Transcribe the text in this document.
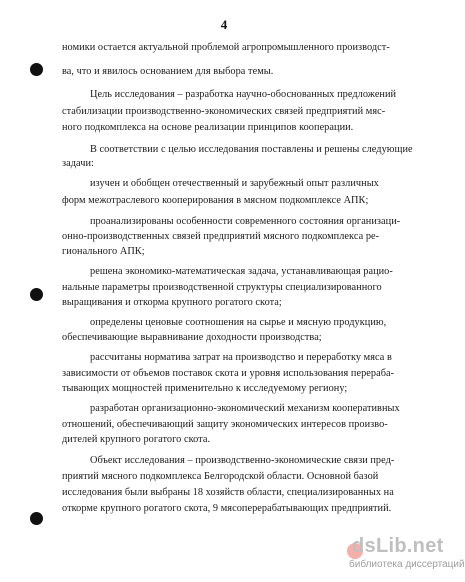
4
номики остается актуальной проблемой агропромышленного производст-
ва, что и явилось основанием для выбора темы.
Цель исследования – разработка научно-обоснованных предложений
стабилизации производственно-экономических связей предприятий мяс-
ного подкомплекса на основе реализации принципов кооперации.
В соответствии с целью исследования поставлены и решены следующие
задачи:
изучен и обобщен отечественный и зарубежный опыт различных
форм межотраслевого кооперирования в мясном подкомплексе АПК;
проанализированы особенности современного состояния организаци-
онно-производственных связей предприятий мясного подкомплекса ре-
гионального АПК;
решена экономико-математическая задача, устанавливающая рацио-
нальные параметры производственной структуры специализированного
выращивания и откорма крупного рогатого скота;
определены ценовые соотношения на сырье и мясную продукцию,
обеспечивающие выравнивание доходности производства;
рассчитаны норматива затрат на производство и переработку мяса в
зависимости от объемов поставок скота и уровня использования перераба-
тывающих мощностей применительно к исследуемому региону;
разработан организационно-экономический механизм кооперативных
отношений, обеспечивающий защиту экономических интересов произво-
дителей крупного рогатого скота.
Объект исследования – производственно-экономические связи пред-
приятий мясного подкомплекса Белгородской области. Основной базой
исследования были выбраны 18 хозяйств области, специализированных на
откорме крупного рогатого скота, 9 мясоперерабатывающих предприятий.
dsLib.net
библиотека диссертаций
